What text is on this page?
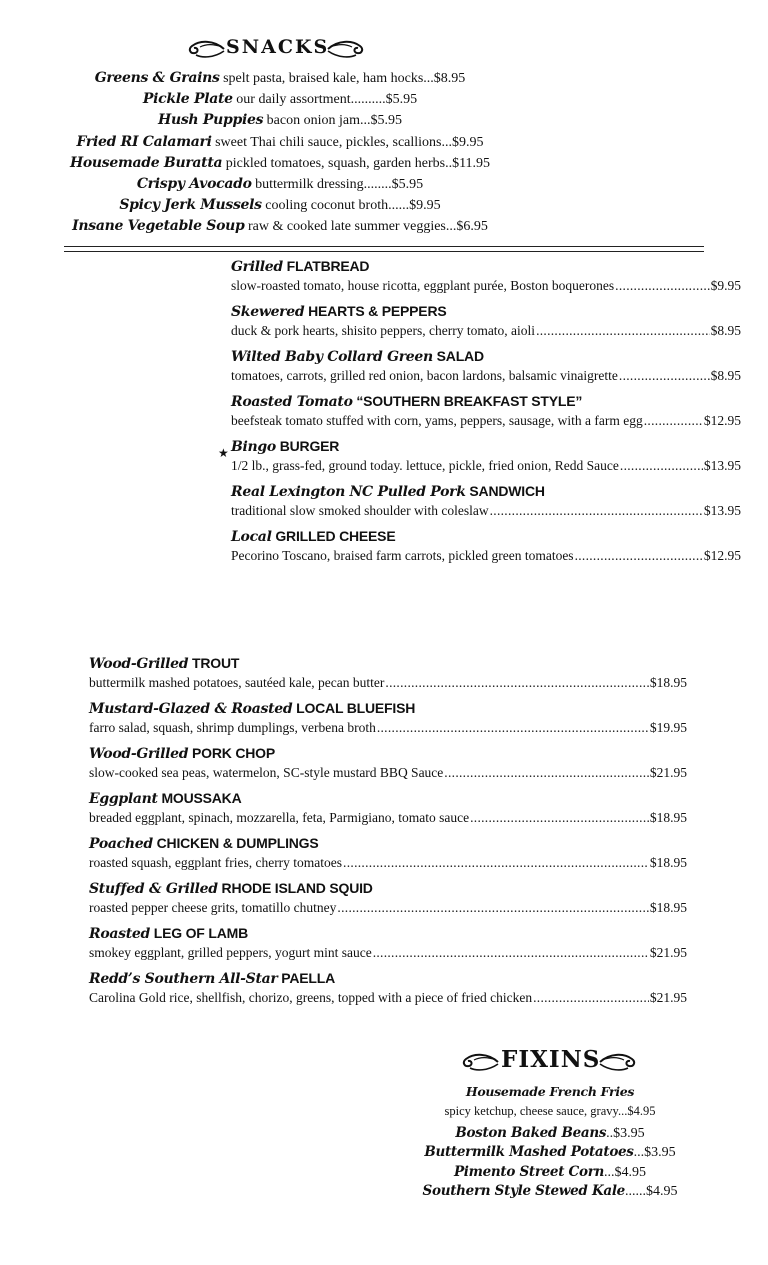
SNACKS
Greens & Grains spelt pasta, braised kale, ham hocks...$8.95
Pickle Plate our daily assortment..........$5.95
Hush Puppies bacon onion jam...$5.95
Fried RI Calamari sweet Thai chili sauce, pickles, scallions...$9.95
Housemade Buratta pickled tomatoes, squash, garden herbs..$11.95
Crispy Avocado buttermilk dressing........$5.95
Spicy Jerk Mussels cooling coconut broth......$9.95
Insane Vegetable Soup raw & cooked late summer veggies...$6.95
Grilled FLATBREAD
slow-roasted tomato, house ricotta, eggplant purée, Boston boquerones .....	$9.95
Skewered HEARTS & PEPPERS
duck & pork hearts, shisito peppers, cherry tomato, aioli .....	$8.95
Wilted Baby Collard Green SALAD
tomatoes, carrots, grilled red onion, bacon lardons, balsamic vinaigrette .....	$8.95
Roasted Tomato “SOUTHERN BREAKFAST STYLE”
beefsteak tomato stuffed with corn, yams, peppers, sausage, with a farm egg .....	$12.95
★ Bingo BURGER
1/2 lb., grass-fed, ground today. lettuce, pickle, fried onion, Redd Sauce .....	$13.95
Real Lexington NC Pulled Pork SANDWICH
traditional slow smoked shoulder with coleslaw .....	$13.95
Local GRILLED CHEESE
Pecorino Toscano, braised farm carrots, pickled green tomatoes .....	$12.95
Wood-Grilled TROUT
buttermilk mashed potatoes, sautéed kale, pecan butter .....	$18.95
Mustard-Glazed & Roasted LOCAL BLUEFISH
farro salad, squash, shrimp dumplings, verbena broth .....	$19.95
Wood-Grilled PORK CHOP
slow-cooked sea peas, watermelon, SC-style mustard BBQ Sauce .....	$21.95
Eggplant MOUSSAKA
breaded eggplant, spinach, mozzarella, feta, Parmigiano, tomato sauce .....	$18.95
Poached CHICKEN & DUMPLINGS
roasted squash, eggplant fries, cherry tomatoes .....	$18.95
Stuffed & Grilled RHODE ISLAND SQUID
roasted pepper cheese grits, tomatillo chutney .....	$18.95
Roasted LEG OF LAMB
smokey eggplant, grilled peppers, yogurt mint sauce .....	$21.95
Redd’s Southern All-Star PAELLA
Carolina Gold rice, shellfish, chorizo, greens, topped with a piece of fried chicken .....	$21.95
FIXINS
Housemade French Fries
spicy ketchup, cheese sauce, gravy...$4.95
Boston Baked Beans..$3.95
Buttermilk Mashed Potatoes...$3.95
Pimento Street Corn...$4.95
Southern Style Stewed Kale......$4.95
